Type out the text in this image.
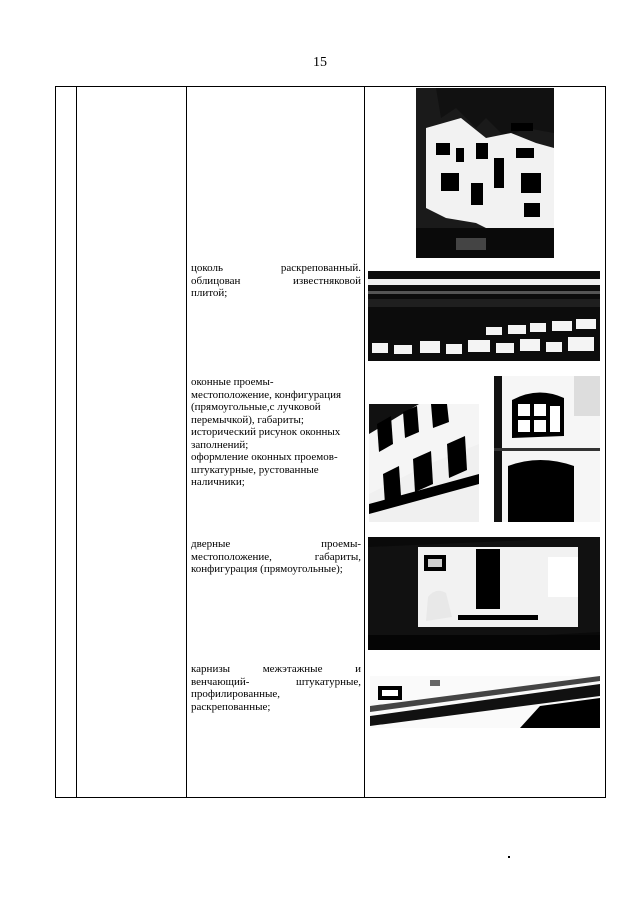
15
цоколь раскрепованный.
облицован известняковой
плитой;
оконные проемы-
местоположение, конфигурация
(прямоугольные,с лучковой
перемычкой), габариты;
исторический рисунок оконных
заполнений;
оформление оконных проемов-
штукатурные, рустованные
наличники;
дверные проемы-
местоположение, габариты,
конфигурация (прямоугольные);
карнизы межэтажные и
венчающий- штукатурные,
профилированные,
раскрепованные;
